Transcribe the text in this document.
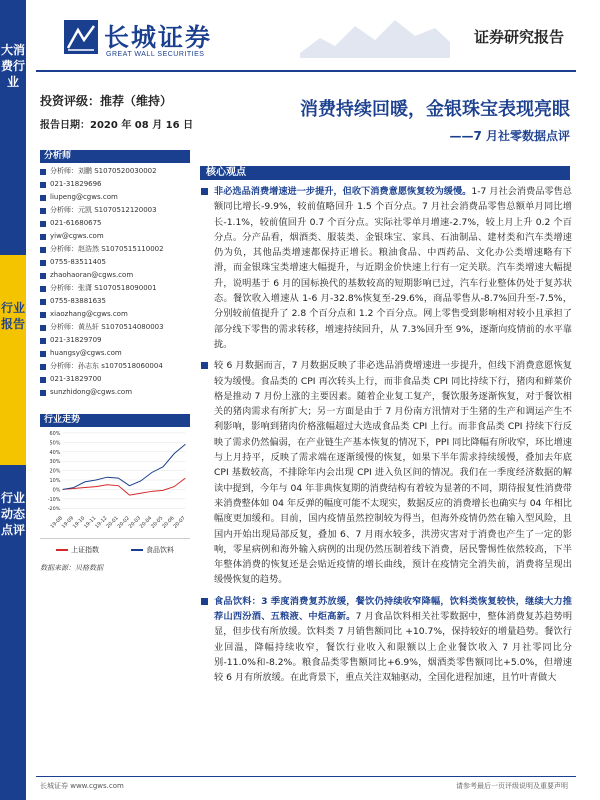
大消费行业
行业报告
行业动态点评
长城证券
GREAT WALL SECURITIES
证券研究报告
投资评级：推荐（维持）
报告日期：2020 年 08 月 16 日
消费持续回暖，金银珠宝表现亮眼
——7 月社零数据点评
分析师
分析师：刘鹏 S1070520030002
021-31829696
liupeng@cgws.com
分析师：元凯 S1070512120003
021-61680675
yiw@cgws.com
分析师：赵浩然 S1070515110002
0755-83511405
zhaohaoran@cgws.com
分析师：张潇 S1070518090001
0755-83881635
xiaozhang@cgws.com
分析师：黄丛轩 S1070514080003
021-31829709
huangsy@cgws.com
分析师：孙志东 s1070518060004
021-31829700
sunzhidong@cgws.com
行业走势
60%
50%
40%
30%
20%
10%
0%
-10%
-20%
19-08
19-09
19-10
19-11
19-12
20-01
20-02
20-03
20-04
20-05
20-06
20-07
上证指数	食品饮料
数据来源：贝格数据
核心观点
非必选品消费增速进一步提升，但收下消费意愿恢复较为缓慢。1-7 月社会消费品零售总额同比增长-9.9%，较前值略回升 1.5 个百分点。7 月社会消费品零售总额单月同比增长-1.1%，较前值回升 0.7 个百分点。实际社零单月增速-2.7%，较上月上升 0.2 个百分点。分产品看，烟酒类、服装类、金银珠宝、家具、石油制品、建材类和汽车类增速仍为负，其他品类增速都保持正增长。粮油食品、中西药品、文化办公类增速略有下滑，而金银珠宝类增速大幅提升，与近期金价快速上行有一定关联。汽车类增速大幅提升，说明基于 6 月的国标换代的基数较高的短期影响已过，汽车行业整体仍处于复苏状态。餐饮收入增速从 1-6 月-32.8%恢复至-29.6%，商品零售从-8.7%回升至-7.5%，分别较前值提升了 2.8 个百分点和 1.2 个百分点。网上零售受到影响相对较小且承担了部分线下零售的需求转移，增速持续回升，从 7.3%回升至 9%，逐渐向疫情前的水平靠拢。
较 6 月数据而言，7 月数据反映了非必选品消费增速进一步提升，但线下消费意愿恢复较为缓慢。食品类的 CPI 再次转头上行，而非食品类 CPI 同比持续下行，猪肉和鲜菜价格是推动 7 月份上涨的主要因素。随着企业复工复产，餐饮服务逐渐恢复，对于餐饮相关的猪肉需求有所扩大；另一方面是由于 7 月份南方汛情对于生猪的生产和调运产生不利影响，影响到猪肉价格涨幅超过大选成食品类 CPI 上行。而非食品类 CPI 持续下行反映了需求仍然偏弱，在产业链生产基本恢复的情况下，PPI 同比降幅有所收窄，环比增速与上月持平，反映了需求端在逐渐缓慢的恢复，如果下半年需求持续缓慢，叠加去年底 CPI 基数较高，不排除年内会出现 CPI 进入负区间的情况。我们在一季度经济数据的解读中提到，今年与 04 年非典恢复期的消费结构有着较为显著的不同，期待报复性消费带来消费整体如 04 年反弹的幅度可能不太现实，数据反应的消费增长也确实与 04 年相比幅度更加缓和。目前，国内疫情虽然控制较为得当，但海外疫情仍然在输入型风险，且国内开始出现局部反复，叠加 6、7 月雨水较多，洪涝灾害对于消费也产生了一定的影响，零星病例和海外输入病例的出现仍然压制着线下消费，居民警惕性依然较高，下半年整体消费的恢复还是会贴近疫情的增长曲线，预计在疫情完全消失前，消费将呈现出缓慢恢复的趋势。
食品饮料：3 季度消费复苏放缓，餐饮仍持续收窄降幅，饮料类恢复较快，继续大力推荐山西汾酒、五粮液、中炬高新。7 月食品饮料相关社零数据中，整体消费复苏趋势明显，但步伐有所放缓。饮料类 7 月销售额同比 +10.7%，保持较好的增量趋势。餐饮行业回温，降幅持续收窄，餐饮行业收入和限额以上企业餐饮收入 7 月社零同比分别-11.0%和-8.2%。粮食品类零售额同比+6.9%，烟酒类零售额同比+5.0%，但增速较 6 月有所放缓。在此背景下，重点关注双轴驱动，全国化进程加速，且竹叶青做大
长城证券 www.cgws.com	请参考最后一页评级说明及重要声明
